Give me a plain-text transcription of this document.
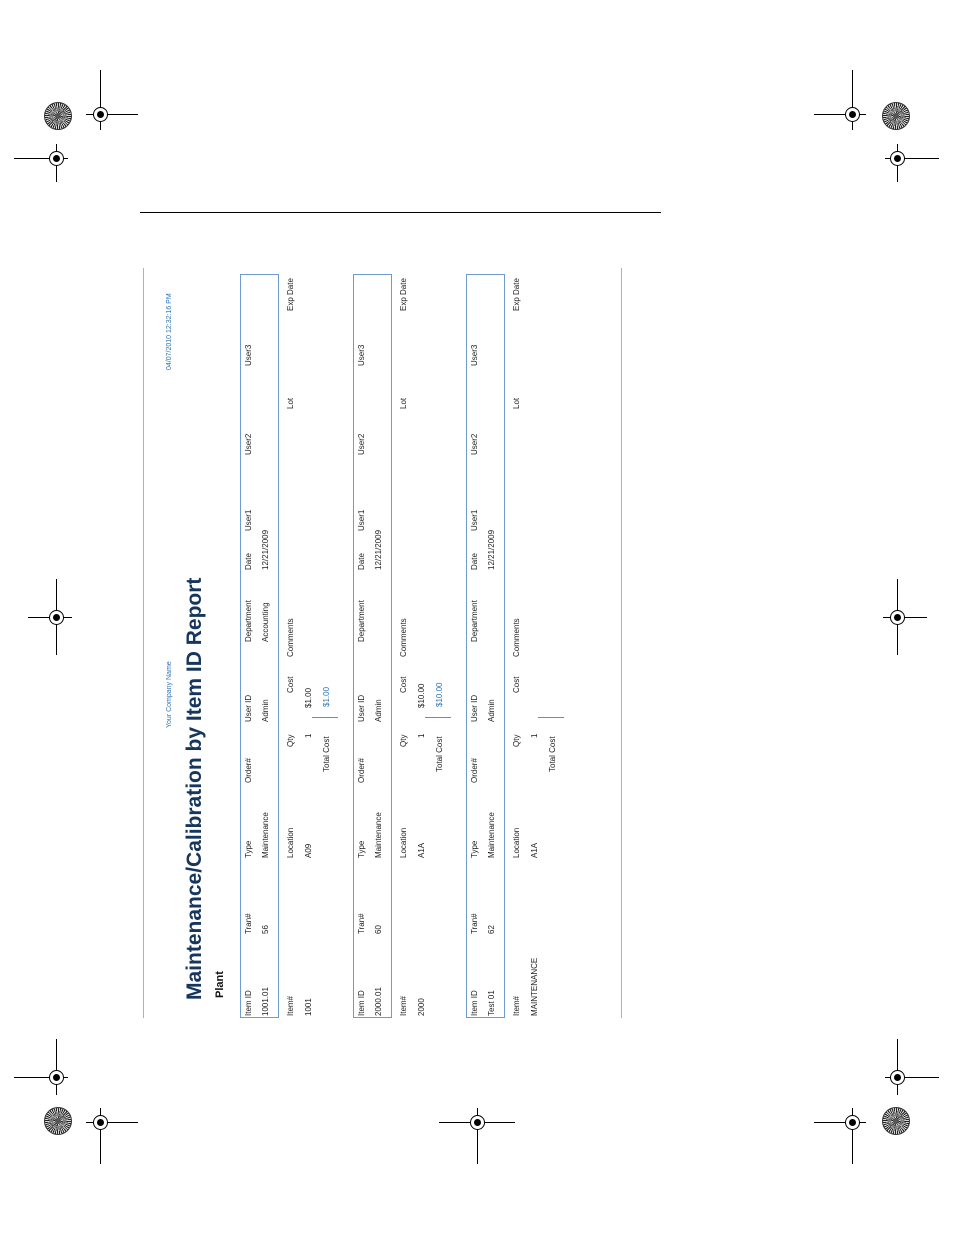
Your Company Name
04/07/2010 12:32:16 PM
Maintenance/Calibration by Item ID Report Plant
Item ID
Tran#
Type
Order#
User ID
Department
Date
User1
User2
User3
1001.01
56
Maintenance
Admin
Accounting
12/21/2009
Item#
Location
Qty
Cost
Comments
Lot
Exp Date
1001
A09
1
$1.00
Total Cost
$1.00
Item ID
Tran#
Type
Order#
User ID
Department
Date
User1
User2
User3
2000.01
60
Maintenance
Admin
12/21/2009
Item#
Location
Qty
Cost
Comments
Lot
Exp Date
2000
A1A
1
$10.00
Total Cost
$10.00
Item ID
Tran#
Type
Order#
User ID
Department
Date
User1
User2
User3
Test 01
62
Maintenance
Admin
12/21/2009
Item#
Location
Qty
Cost
Comments
Lot
Exp Date
MAINTENANCE
A1A
1
Total Cost
